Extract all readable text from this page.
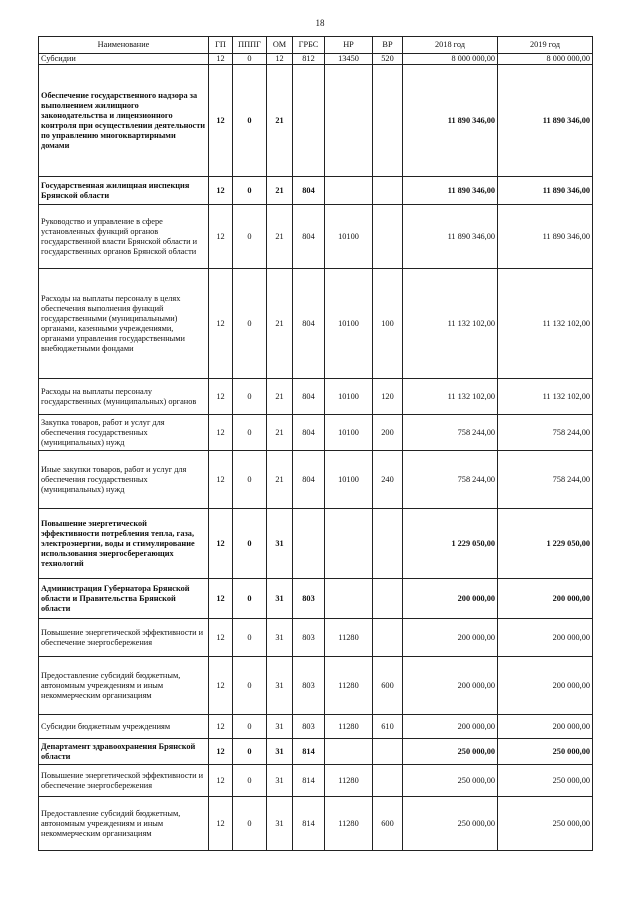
18
Наименование	ГП	ПППГ	ОМ	ГРБС	НР	ВР	2018 год	2019 год
Субсидии	12	0	12	812	13450	520	8 000 000,00	8 000 000,00
Обеспечение государственного надзора за выполнением жилищного законодательства и лицензионного контроля при осуществлении деятельности по управлению многоквартирными домами	12	0	21				11 890 346,00	11 890 346,00
Государственная жилищная инспекция Брянской области	12	0	21	804			11 890 346,00	11 890 346,00
Руководство и управление в сфере установленных функций органов государственной власти Брянской области и государственных органов Брянской области	12	0	21	804	10100		11 890 346,00	11 890 346,00
Расходы на выплаты персоналу в целях обеспечения выполнения функций государственными (муниципальными) органами, казенными учреждениями, органами управления государственными внебюджетными фондами	12	0	21	804	10100	100	11 132 102,00	11 132 102,00
Расходы на выплаты персоналу государственных (муниципальных) органов	12	0	21	804	10100	120	11 132 102,00	11 132 102,00
Закупка товаров, работ и услуг для обеспечения государственных (муниципальных) нужд	12	0	21	804	10100	200	758 244,00	758 244,00
Иные закупки товаров, работ и услуг для обеспечения государственных (муниципальных) нужд	12	0	21	804	10100	240	758 244,00	758 244,00
Повышение энергетической эффективности потребления тепла, газа, электроэнергии, воды и стимулирование использования энергосберегающих технологий	12	0	31				1 229 050,00	1 229 050,00
Администрация Губернатора Брянской области и Правительства Брянской области	12	0	31	803			200 000,00	200 000,00
Повышение энергетической эффективности и обеспечение энергосбережения	12	0	31	803	11280		200 000,00	200 000,00
Предоставление субсидий бюджетным, автономным учреждениям и иным некоммерческим организациям	12	0	31	803	11280	600	200 000,00	200 000,00
Субсидии бюджетным учреждениям	12	0	31	803	11280	610	200 000,00	200 000,00
Департамент здравоохранения Брянской области	12	0	31	814			250 000,00	250 000,00
Повышение энергетической эффективности и обеспечение энергосбережения	12	0	31	814	11280		250 000,00	250 000,00
Предоставление субсидий бюджетным, автономным учреждениям и иным некоммерческим организациям	12	0	31	814	11280	600	250 000,00	250 000,00
